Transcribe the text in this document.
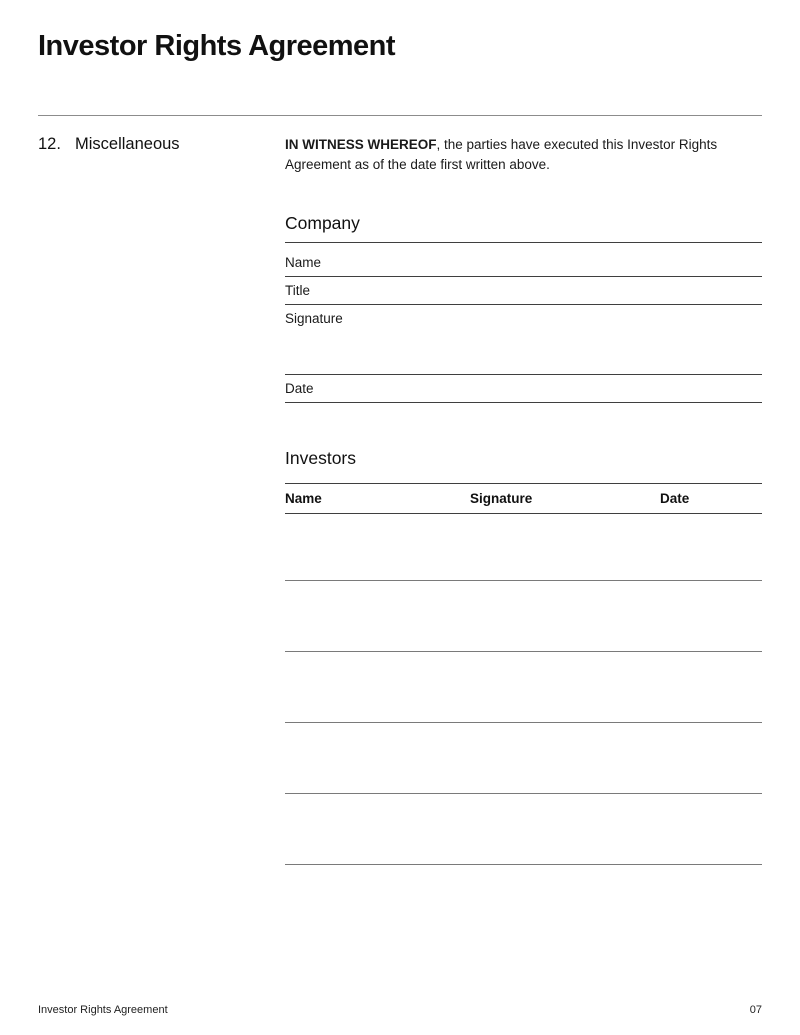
Investor Rights Agreement
12. Miscellaneous	IN WITNESS WHEREOF, the parties have executed this Investor Rights Agreement as of the date first written above.

Company
Name
Title
Signature
Date
Investors
Name	Signature	Date
Investor Rights Agreement	07
